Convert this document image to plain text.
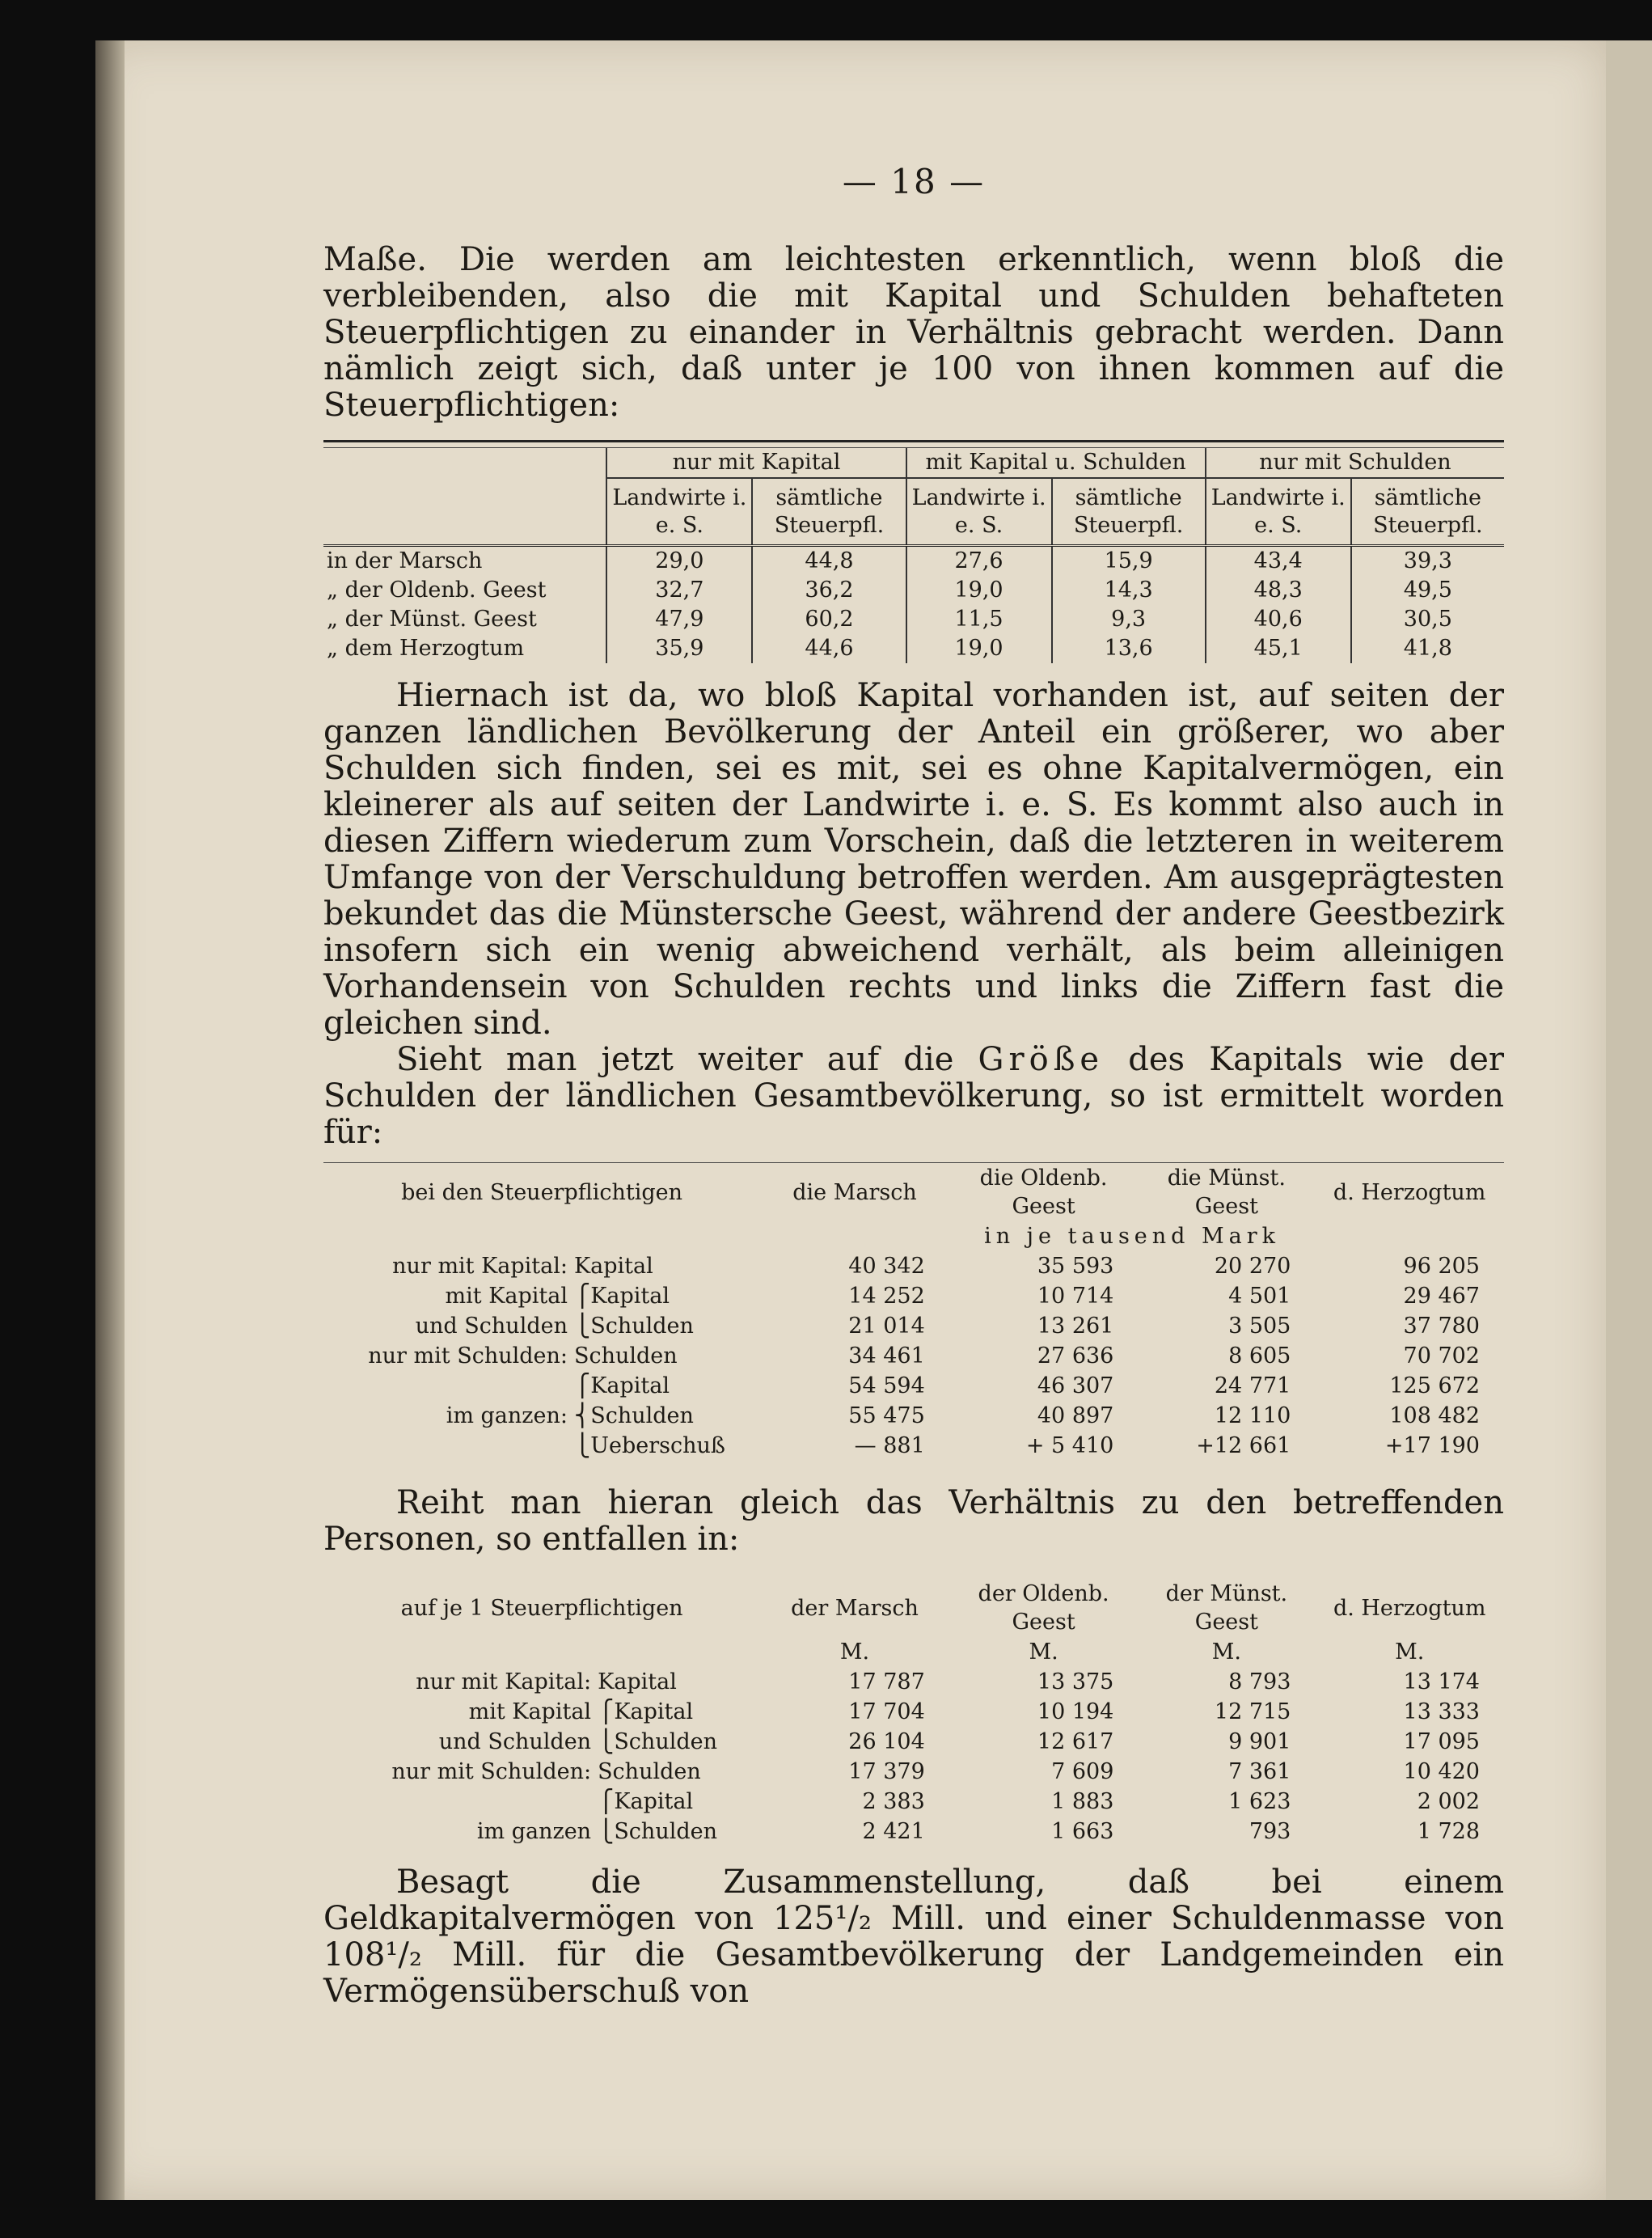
— 18 —

Maße. Die werden am leichtesten erkenntlich, wenn bloß die verbleibenden, also die mit Kapital und Schulden behafteten Steuerpflichtigen zu einander in Verhältnis gebracht werden. Dann nämlich zeigt sich, daß unter je 100 von ihnen kommen auf die Steuerpflichtigen:

	nur mit Kapital		mit Kapital u. Schulden		nur mit Schulden	
	Landwirte i. e. S.	sämtliche Steuerpfl.	Landwirte i. e. S.	sämtliche Steuerpfl.	Landwirte i. e. S.	sämtliche Steuerpfl.
in der Marsch	29,0	44,8	27,6	15,9	43,4	39,3
„ der Oldenb. Geest	32,7	36,2	19,0	14,3	48,3	49,5
„ der Münst. Geest	47,9	60,2	11,5	9,3	40,6	30,5
„ dem Herzogtum	35,9	44,6	19,0	13,6	45,1	41,8

Hiernach ist da, wo bloß Kapital vorhanden ist, auf seiten der ganzen ländlichen Bevölkerung der Anteil ein größerer, wo aber Schulden sich finden, sei es mit, sei es ohne Kapitalvermögen, ein kleinerer als auf seiten der Landwirte i. e. S. Es kommt also auch in diesen Ziffern wiederum zum Vorschein, daß die letzteren in weiterem Umfange von der Verschuldung betroffen werden. Am ausgeprägtesten bekundet das die Münstersche Geest, während der andere Geestbezirk insofern sich ein wenig abweichend verhält, als beim alleinigen Vorhandensein von Schulden rechts und links die Ziffern fast die gleichen sind.

Sieht man jetzt weiter auf die Größe des Kapitals wie der Schulden der ländlichen Gesamtbevölkerung, so ist ermittelt worden für:

bei den Steuerpflichtigen		die Marsch	die Oldenb. Geest	die Münst. Geest	d. Herzogtum
			in je tausend Mark		
nur mit Kapital:	Kapital	40 342	35 593	20 270	96 205
mit Kapital	⎧Kapital	14 252	10 714	4 501	29 467
und Schulden	⎩Schulden	21 014	13 261	3 505	37 780
nur mit Schulden:	Schulden	34 461	27 636	8 605	70 702
	⎧Kapital	54 594	46 307	24 771	125 672
im ganzen:	⎨Schulden	55 475	40 897	12 110	108 482
	⎩Ueberschuß	— 881	+ 5 410	+12 661	+17 190

Reiht man hieran gleich das Verhältnis zu den betreffenden Personen, so entfallen in:

auf je 1 Steuerpflichtigen		der Marsch	der Oldenb. Geest	der Münst. Geest	d. Herzogtum
		M.	M.	M.	M.
nur mit Kapital:	Kapital	17 787	13 375	8 793	13 174
mit Kapital	⎧Kapital	17 704	10 194	12 715	13 333
und Schulden	⎩Schulden	26 104	12 617	9 901	17 095
nur mit Schulden:	Schulden	17 379	7 609	7 361	10 420
	⎧Kapital	2 383	1 883	1 623	2 002
im ganzen	⎩Schulden	2 421	1 663	793	1 728

Besagt die Zusammenstellung, daß bei einem Geldkapitalvermögen von 125¹/₂ Mill. und einer Schuldenmasse von 108¹/₂ Mill. für die Gesamtbevölkerung der Landgemeinden ein Vermögensüberschuß von
